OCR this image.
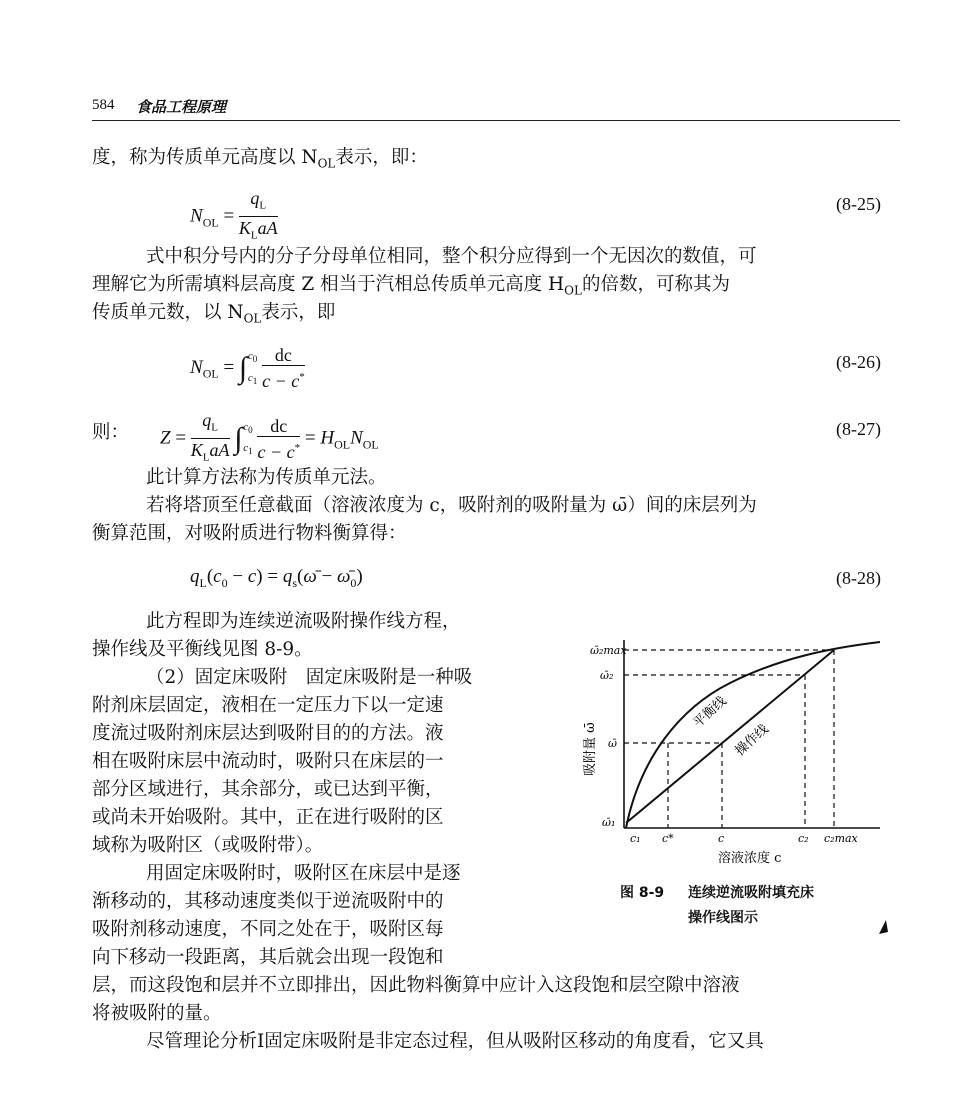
584 食品工程原理
度，称为传质单元高度以 $N_{OL}$表示，即：
$N_{OL} = \frac{q_L}{K_LaA}$	(8-25)
式中积分号内的分子分母单位相同，整个积分应得到一个无因次的数值，可
理解它为所需填料层高度 Z 相当于汽相总传质单元高度 $H_{OL}$的倍数，可称其为
传质单元数，以 $N_{OL}$表示，即
$N_{OL}$ = ∫ $c_0$
$c_1$
$\frac{dc}{c - c^*}$	(8-26)
则： $Z = \frac{q_L}{K_LaA}$ ∫ $c_0$
$c_1$
$\frac{dc}{c - c^*} = H_{OL}N_{OL}$
(8-27)
此计算方法称为传质单元法。
若将塔顶至任意截面（溶液浓度为 c，吸附剂的吸附量为 ω̄）间的床层列为
衡算范围，对吸附质进行物料衡算得：
$q_L(c_0 - c)$ = $q_s(\omegā$ − $\omegā_0$)	(8-28)
此方程即为连续逆流吸附操作线方程，
操作线及平衡线见图 8-9。
（2）固定床吸附　固定床吸附是一种吸
附剂床层固定，液相在一定压力下以一定速
度流过吸附剂床层达到吸附目的的方法。液
相在吸附床层中流动时，吸附只在床层的一
部分区域进行，其余部分，或已达到平衡，
或尚未开始吸附。其中，正在进行吸附的区
域称为吸附区（或吸附带）。
用固定床吸附时，吸附区在床层中是逐
渐移动的，其移动速度类似于逆流吸附中的
吸附剂移动速度，不同之处在于，吸附区每
向下移动一段距离，其后就会出现一段饱和
层，而这段饱和层并不立即排出，因此物料衡算中应计入这段饱和层空隙中溶液
将被吸附的量。
尽管理论分析Ⅰ固定床吸附是非定态过程，但从吸附区移动的角度看，它又具
平衡线
操作线
ω̄₂max
ω̄₂
ω̄
ω̄₁
c₁ c*	c	c₂ c₂max
吸附量 ω̄
溶液浓度 c
图 8-9 连续逆流吸附填充床
操作线图示
